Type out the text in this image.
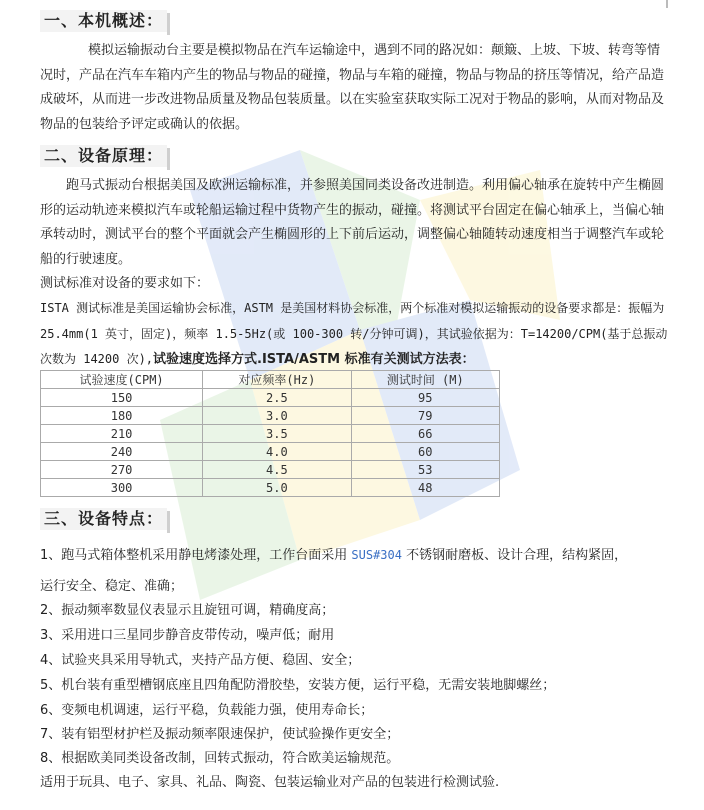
一、本机概述：
模拟运输振动台主要是模拟物品在汽车运输途中，遇到不同的路况如：颠簸、上坡、下坡、转弯等情况时，产品在汽车车箱内产生的物品与物品的碰撞，物品与车箱的碰撞，物品与物品的挤压等情况，给产品造成破坏，从而进一步改进物品质量及物品包装质量。以在实验室获取实际工况对于物品的影响，从而对物品及物品的包装给予评定或确认的依据。
二、设备原理：
跑马式振动台根据美国及欧洲运输标准，并参照美国同类设备改进制造。利用偏心轴承在旋转中产生椭圆形的运动轨迹来模拟汽车或轮船运输过程中货物产生的振动，碰撞。将测试平台固定在偏心轴承上，当偏心轴承转动时，测试平台的整个平面就会产生椭圆形的上下前后运动，调整偏心轴随转动速度相当于调整汽车或轮船的行驶速度。
测试标准对设备的要求如下：
ISTA 测试标准是美国运输协会标准，ASTM 是美国材料协会标准，两个标准对模拟运输振动的设备要求都是：振幅为 25.4mm(1 英寸，固定)，频率 1.5-5Hz(或 100-300 转/分钟可调)，其试验依据为：T=14200/CPM(基于总振动次数为 14200 次),试验速度选择方式.ISTA/ASTM 标准有关测试方法表：
试验速度(CPM)	对应频率(Hz)	测试时间 (M)
150	2.5	95
180	3.0	79
210	3.5	66
240	4.0	60
270	4.5	53
300	5.0	48
三、设备特点：
1、跑马式箱体整机采用静电烤漆处理，工作台面采用 SUS#304 不锈钢耐磨板、设计合理，结构紧固，
运行安全、稳定、准确；
2、振动频率数显仪表显示且旋钮可调，精确度高；
3、采用进口三星同步静音皮带传动，噪声低；耐用
4、试验夹具采用导轨式，夹持产品方便、稳固、安全；
5、机台装有重型槽钢底座且四角配防滑胶垫，安装方便，运行平稳，无需安装地脚螺丝；
6、变频电机调速，运行平稳，负载能力强，使用寿命长；
7、装有铝型材护栏及振动频率限速保护，使试验操作更安全；
8、根据欧美同类设备改制，回转式振动，符合欧美运输规范。
适用于玩具、电子、家具、礼品、陶瓷、包装运输业对产品的包装进行检测试验.
